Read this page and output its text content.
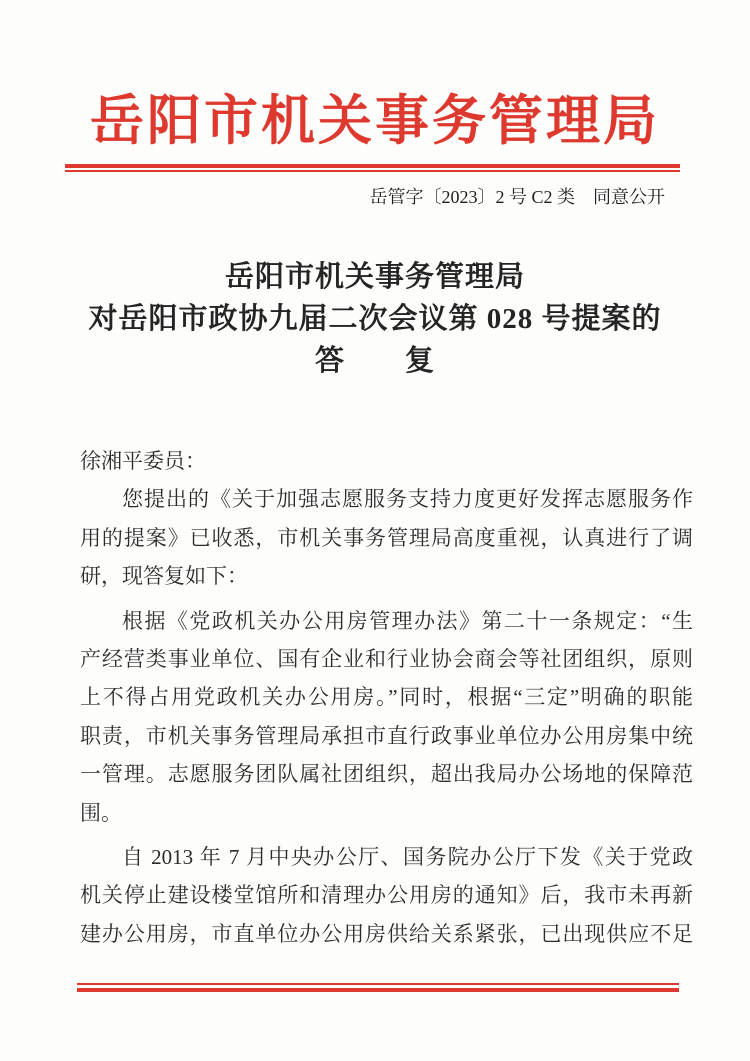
岳阳市机关事务管理局
岳管字〔2023〕2 号 C2 类　同意公开
岳阳市机关事务管理局
对岳阳市政协九届二次会议第 028 号提案的
答　　复
徐湘平委员：
您提出的《关于加强志愿服务支持力度更好发挥志愿服务作
用的提案》已收悉，市机关事务管理局高度重视，认真进行了调
研，现答复如下：
根据《党政机关办公用房管理办法》第二十一条规定：“生
产经营类事业单位、国有企业和行业协会商会等社团组织，原则
上不得占用党政机关办公用房。”同时，根据“三定”明确的职能
职责，市机关事务管理局承担市直行政事业单位办公用房集中统
一管理。志愿服务团队属社团组织，超出我局办公场地的保障范
围。
自 2013 年 7 月中央办公厅、国务院办公厅下发《关于党政
机关停止建设楼堂馆所和清理办公用房的通知》后，我市未再新
建办公用房，市直单位办公用房供给关系紧张，已出现供应不足
